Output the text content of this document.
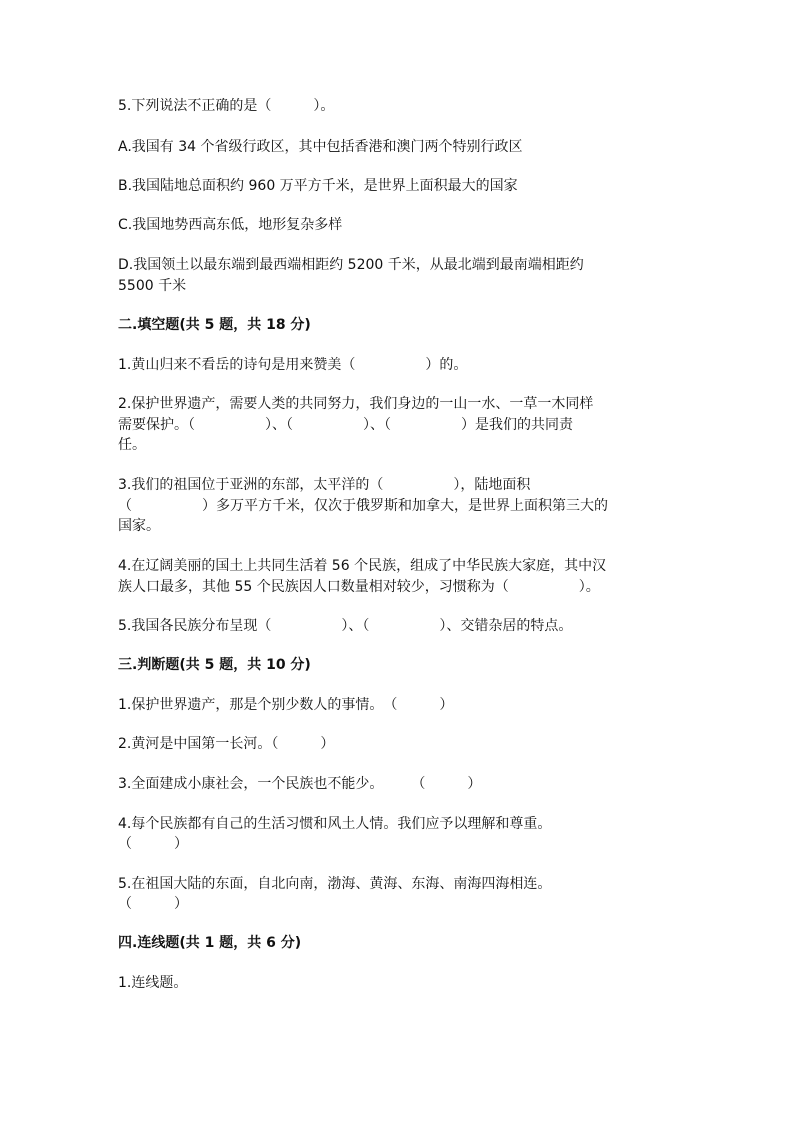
5.下列说法不正确的是（　　　）。
A.我国有 34 个省级行政区，其中包括香港和澳门两个特别行政区
B.我国陆地总面积约 960 万平方千米，是世界上面积最大的国家
C.我国地势西高东低，地形复杂多样
D.我国领土以最东端到最西端相距约 5200 千米，从最北端到最南端相距约
5500 千米
二.填空题(共 5 题，共 18 分)
1.黄山归来不看岳的诗句是用来赞美（　　　　　）的。
2.保护世界遗产，需要人类的共同努力，我们身边的一山一水、一草一木同样
需要保护。（　　　　　）、（　　　　　）、（　　　　　）是我们的共同责
任。
3.我们的祖国位于亚洲的东部，太平洋的（　　　　　），陆地面积
（　　　　　）多万平方千米，仅次于俄罗斯和加拿大，是世界上面积第三大的
国家。
4.在辽阔美丽的国土上共同生活着 56 个民族，组成了中华民族大家庭，其中汉
族人口最多，其他 55 个民族因人口数量相对较少，习惯称为（　　　　　）。
5.我国各民族分布呈现（　　　　　）、（　　　　　）、交错杂居的特点。
三.判断题(共 5 题，共 10 分)
1.保护世界遗产，那是个别少数人的事情。　（　　　）
2.黄河是中国第一长河。（　　　）
3.全面建成小康社会，一个民族也不能少。　　　（　　　）
4.每个民族都有自己的生活习惯和风土人情。我们应予以理解和尊重。
（　　　）
5.在祖国大陆的东面，自北向南，渤海、黄海、东海、南海四海相连。
（　　　）
四.连线题(共 1 题，共 6 分)
1.连线题。
